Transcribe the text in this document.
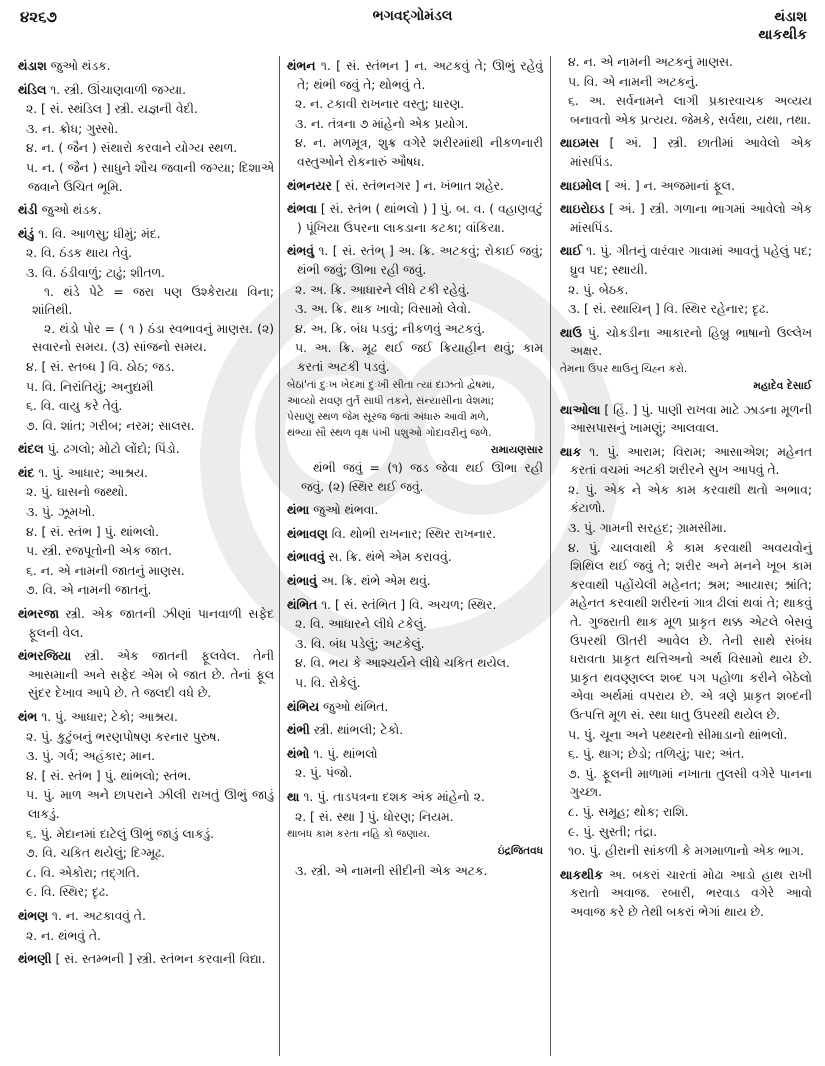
૪૨૬૭	ભગવદ્ગોમંડલ	થંડાશ
થાકથીક
થંડાશ જુઓ થંડક.
થંડિલ ૧. સ્ત્રી. ઊંચાણવાળી જગ્યા.
૨. [ સં. સ્થંડિલ ] સ્ત્રી. યજ્ઞની વેદી.
૩. ન. ક્રોધ; ગુસ્સો.
૪. ન. ( જૈન ) સંથારો કરવાને યોગ્ય સ્થળ.
૫. ન. ( જૈન ) સાધુને શૌચ જવાની જગ્યા; દિશાએ જવાને ઉચિત ભૂમિ.
થંડી જુઓ થંડક.
થંડું ૧. વિ. આળસુ; ધીમું; મંદ.
૨. વિ. ઠંડક થાય તેવું.
૩. વિ. ઠંડીવાળું; ટાઢું; શીતળ.
૧. થંડે પેટે = જરા પણ ઉશ્કેરાયા વિના; શાંતિથી.
૨. થંડો પોર = ( ૧ ) ઠંડા સ્વભાવનું માણસ. (૨) સવારનો સમય. (૩) સાંજનો સમય.
૪. [ સં. સ્તબ્ધ ] વિ. ઠોઠ; જડ.
૫. વિ. નિરાંતિયું; અનુદ્યમી
૬. વિ. વાયુ કરે તેવું.
૭. વિ. શાંત; ગરીબ; નરમ; સાલસ.
થંદલ પું. ઢગલો; મોટો લોંદો; પિંડો.
થંદ ૧. પું. આધાર; આશ્રય.
૨. પું. ઘાસનો જથ્થો.
૩. પું. ઝૂમખો.
૪. [ સં. સ્તંભ ] પું. થાંભલો.
૫. સ્ત્રી. રજપૂતોની એક જાત.
૬. ન. એ નામની જાતનું માણસ.
૭. વિ. એ નામની જાતનું.
થંભરજા સ્ત્રી. એક જાતની ઝીણાં પાનવાળી સફેદ ફૂલની વેલ.
થંભરજિયા સ્ત્રી. એક જાતની ફૂલવેલ. તેની આસમાની અને સફેદ એમ બે જાત છે. તેનાં ફૂલ સુંદર દેખાવ આપે છે. તે જલદી વધે છે.
થંભ ૧. પું. આધાર; ટેકો; આશ્રય.
૨. પું. કુટુંબનું ભરણપોષણ કરનાર પુરુષ.
૩. પું. ગર્વ; અહંકાર; માન.
૪. [ સં. સ્તંભ ] પું. થાંભલો; સ્તંભ.
૫. પું. માળ અને છાપરાને ઝીલી રાખતું ઊભું જાડું લાકડું.
૬. પું. મેદાનમાં દાટેલું ઊભું જાડું લાકડું.
૭. વિ. ચકિત થયેલું; દિગ્મૂઢ.
૮. વિ. એકોરા; તદ્ગતિ.
૯. વિ. સ્થિર; દૃઢ.
થંભણ ૧. ન. અટકાવવું તે.
૨. ન. થંભવું તે.
થંભણી [ સં. સ્તમ્ભની ] સ્ત્રી. સ્તંભન કરવાની વિદ્યા.
થંભન ૧. [ સં. સ્તંભન ] ન. અટકવું તે; ઊભું રહેવું તે; થંભી જવું તે; થોભવું તે.
૨. ન. ટકાવી રાખનાર વસ્તુ; ધારણ.
૩. ન. તંત્રના ૭ માંહેનો એક પ્રયોગ.
૪. ન. મળમૂત્ર, શુક્ર વગેરે શરીરમાંથી નીકળનારી વસ્તુઓને રોકનારું ઔષધ.
થંભનયર [ સં. સ્તંભનગર ] ન. ખંભાત શહેર.
થંભવા [ સં. સ્તંભ ( થાંભલો ) ] પું. બ. વ. ( વહાણવટું ) પૂંખિયા ઉપરના લાકડાના કટકા; વાંકિયા.
થંભવું ૧. [ સં. સ્તંભ્ ] અ. ક્રિ. અટકવું; રોકાઈ જવું; થંભી જવું; ઊભા રહી જવું.
૨. અ. ક્રિ. આધારને લીધે ટકી રહેવું.
૩. અ. ક્રિ. થાક ખાવો; વિસામો લેવો.
૪. અ. ક્રિ. બંધ પડવું; નીકળવું અટકવું.
૫. અ. ક્રિ. મૂઢ થઈ જઈ ક્રિયાહીન થવું; કામ કરતાં અટકી પડવું.
બેઠાં'તાં દુઃખ ખેદમાં દુઃખી સીતા ત્યાં દાઝતો દ્વેષમાં,
આવ્યો રાવણ તુર્ત સાધી તકને, સંન્યાસીના વેશમાં;
પેસાણું સ્થળ જેમ સૂરજ જતાં અંધારું આવી મળે,
થંભ્યાં સૌ સ્થળ વૃક્ષ પંખી પશુઓ ગોદાવરીનું જળે.
રામાયણસાર
થંભી જવું = (૧) જડ જેવા થઈ ઊભા રહી જવું. (૨) સ્થિર થઈ જવું.
થંભા જુઓ થંભવા.
થંભાવણ વિ. થોભી રાખનાર; સ્થિર રાખનાર.
થંભાવવું સ. ક્રિ. થંભે એમ કરાવવું.
થંભાવું અ. ક્રિ. થંભે એમ થવું.
થંભિત ૧. [ સં. સ્તંભિત ] વિ. અચળ; સ્થિર.
૨. વિ. આધારને લીધે ટકેલું.
૩. વિ. બંધ પડેલું; અટકેલું.
૪. વિ. ભય કે આશ્ચર્યને લીધે ચકિત થયેલ.
૫. વિ. રોકેલું.
થંભિય જુઓ થંભિત.
થંભી સ્ત્રી. થાંભલી; ટેકો.
થંભો ૧. પું. થાંભલો
૨. પું. પંજો.
થા ૧. પું. તાડપત્રના દશક અંક માંહેનો ૨.
૨. [ સં. સ્થા ] પું. ધોરણ; નિયમ.
થાબંધ કામ કરતા નહિ કો જણાય.
ઇંદ્રજિતવધ
૩. સ્ત્રી. એ નામની સીદીની એક અટક.
૪. ન. એ નામની અટકનું માણસ.
૫. વિ. એ નામની અટકનું.
૬. અ. સર્વનામને લાગી પ્રકારવાચક અવ્યય બનાવતો એક પ્રત્યય. જેમકે, સર્વથા, યથા, તથા.
થાઇમસ [ અં. ] સ્ત્રી. છાતીમાં આવેલો એક માંસપિંડ.
થાઇમોલ [ અં. ] ન. અજમાનાં ફૂલ.
થાઇરોઇડ [ અં. ] સ્ત્રી. ગળાના ભાગમાં આવેલો એક માંસપિંડ.
થાઈ ૧. પું. ગીતનું વારંવાર ગાવામાં આવતું પહેલું પદ; ધ્રુવ પદ; સ્થાયી.
૨. પું. બેઠક.
૩. [ સં. સ્થાયિન્ ] વિ. સ્થિર રહેનાર; દૃઢ.
થાઉ પું. ચોકડીના આકારનો હિબ્રુ ભાષાનો ઉલ્લેખ અક્ષર.
તેમના ઉપર થાઉનું ચિહ્ન કરો.
મહાદેવ દેસાઈ
થાઓલા [ હિં. ] પું. પાણી રાખવા માટે ઝાડના મૂળની આસપાસનું ખામણું; આલવાલ.
થાક ૧. પું. આરામ; વિરામ; આસાએશ; મહેનત કરતાં વચમાં અટકી શરીરને સુખ આપવું તે.
૨. પું. એક ને એક કામ કરવાથી થતો અભાવ; કંટાળો.
૩. પું. ગામની સરહદ; ગ્રામસીમા.
૪. પું. ચાલવાથી કે કામ કરવાથી અવયવોનું શિથિલ થઈ જવું તે; શરીર અને મનને ખૂબ કામ કરવાથી પહોંચેલી મહેનત; શ્રમ; આયાસ; શ્રાંતિ; મહેનત કરવાથી શરીરનાં ગાત્ર ઢીલાં થવાં તે; થાકવું તે. ગુજરાતી થાક મૂળ પ્રાકૃત થક્ક એટલે બેસવું ઉપરથી ઊતરી આવેલ છે. તેની સાથે સંબંધ ધરાવતા પ્રાકૃત થત્તિઅનો અર્થ વિસામો થાય છે. પ્રાકૃત થવણ્ણલ્લ શબ્દ પગ પહોળા કરીને બેઠેલો એવા અર્થમાં વપરાય છે. એ ત્રણે પ્રાકૃત શબ્દની ઉત્પત્તિ મૂળ સં. સ્થા ધાતુ ઉપરથી થયેલ છે.
૫. પું. ચૂના અને પથ્થરનો સીમાડાનો થાંભલો.
૬. પું. થાગ; છેડો; તળિયું; પાર; અંત.
૭. પું. ફૂલની માળામાં નખાતા તુલસી વગેરે પાનના ગુચ્છા.
૮. પું. સમૂહ; થોક; રાશિ.
૯. પું. સુસ્તી; તંદ્રા.
૧૦. પું. હીરાની સાંકળી કે મગમાળાનો એક ભાગ.
થાકથીક અ. બકરાં ચારતાં મોઢા આડો હાથ રાખી કરાતો અવાજ. રબારી, ભરવાડ વગેરે આવો અવાજ કરે છે તેથી બકરાં ભેગાં થાય છે.
